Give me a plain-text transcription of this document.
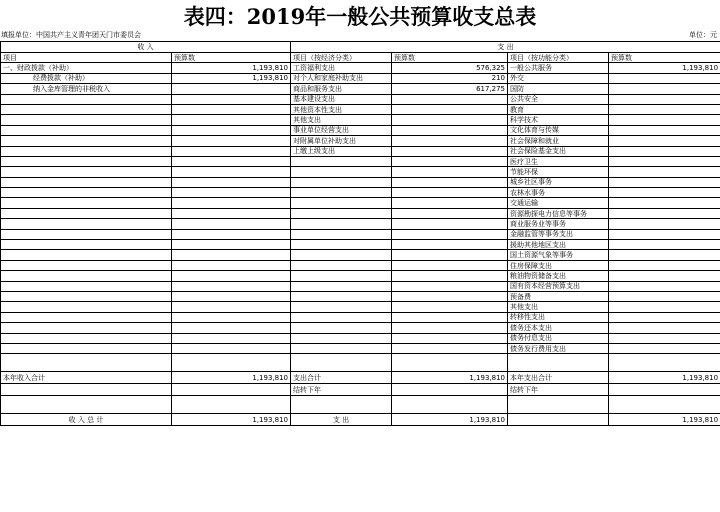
表四：2019年一般公共预算收支总表
填报单位：中国共产主义青年团天门市委员会	单位：元
收 入		支 出			
项目	预算数	项目（按经济分类）	预算数	项目（按功能分类）	预算数
一、财政拨款（补助）	1,193,810	工资福利支出	576,325	一般公共服务	1,193,810
经费拨款（补助）	1,193,810	对个人和家庭补助支出	210	外交	
纳入金库管理的非税收入		商品和服务支出	617,275	国防	
		基本建设支出		公共安全	
		其他资本性支出		教育	
		其他支出		科学技术	
		事业单位经营支出		文化体育与传媒	
		对附属单位补助支出		社会保障和就业	
		上缴上级支出		社会保险基金支出	
				医疗卫生	
				节能环保	
				城乡社区事务	
				农林水事务	
				交通运输	
				资源勘探电力信息等事务	
				商业服务业等事务	
				金融监管等事务支出	
				援助其他地区支出	
				国土资源气象等事务	
				住房保障支出	
				粮油物资储备支出	
				国有资本经营预算支出	
				预备费	
				其他支出	
				转移性支出	
				债务还本支出	
				债务付息支出	
				债务发行费用支出	

本年收入合计	1,193,810	支出合计	1,193,810	本年支出合计	1,193,810
		结转下年		结转下年	

收 入 总 计	1,193,810	支 出	1,193,810		1,193,810
